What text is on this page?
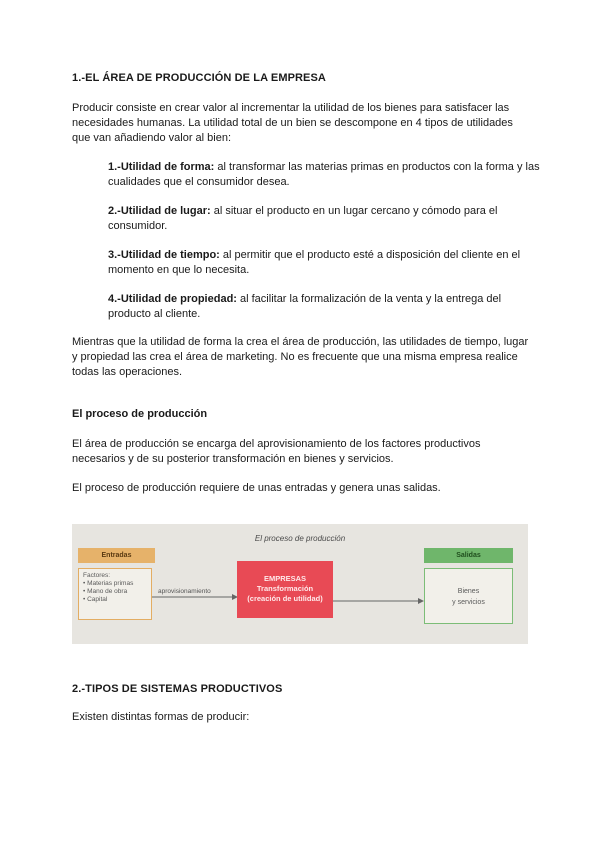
1.-EL ÁREA DE PRODUCCIÓN DE LA EMPRESA

Producir consiste en crear valor al incrementar la utilidad de los bienes para satisfacer las necesidades humanas. La utilidad total de un bien se descompone en 4 tipos de utilidades que van añadiendo valor al bien:

1.-Utilidad de forma: al transformar las materias primas en productos con la forma y las cualidades que el consumidor desea.

2.-Utilidad de lugar: al situar el producto en un lugar cercano y cómodo para el consumidor.

3.-Utilidad de tiempo: al permitir que el producto esté a disposición del cliente en el momento en que lo necesita.

4.-Utilidad de propiedad: al facilitar la formalización de la venta y la entrega del producto al cliente.

Mientras que la utilidad de forma la crea el área de producción, las utilidades de tiempo, lugar y propiedad las crea el área de marketing. No es frecuente que una misma empresa realice todas las operaciones.

El proceso de producción

El área de producción se encarga del aprovisionamiento de los factores productivos necesarios y de su posterior transformación en bienes y servicios.

El proceso de producción requiere de unas entradas y genera unas salidas.

El proceso de producción
Entradas
Factores:
• Materias primas
• Mano de obra
• Capital
aprovisionamiento
EMPRESAS
Transformación
(creación de utilidad)
Salidas
Bienes
y servicios
2.-TIPOS DE SISTEMAS PRODUCTIVOS

Existen distintas formas de producir:
